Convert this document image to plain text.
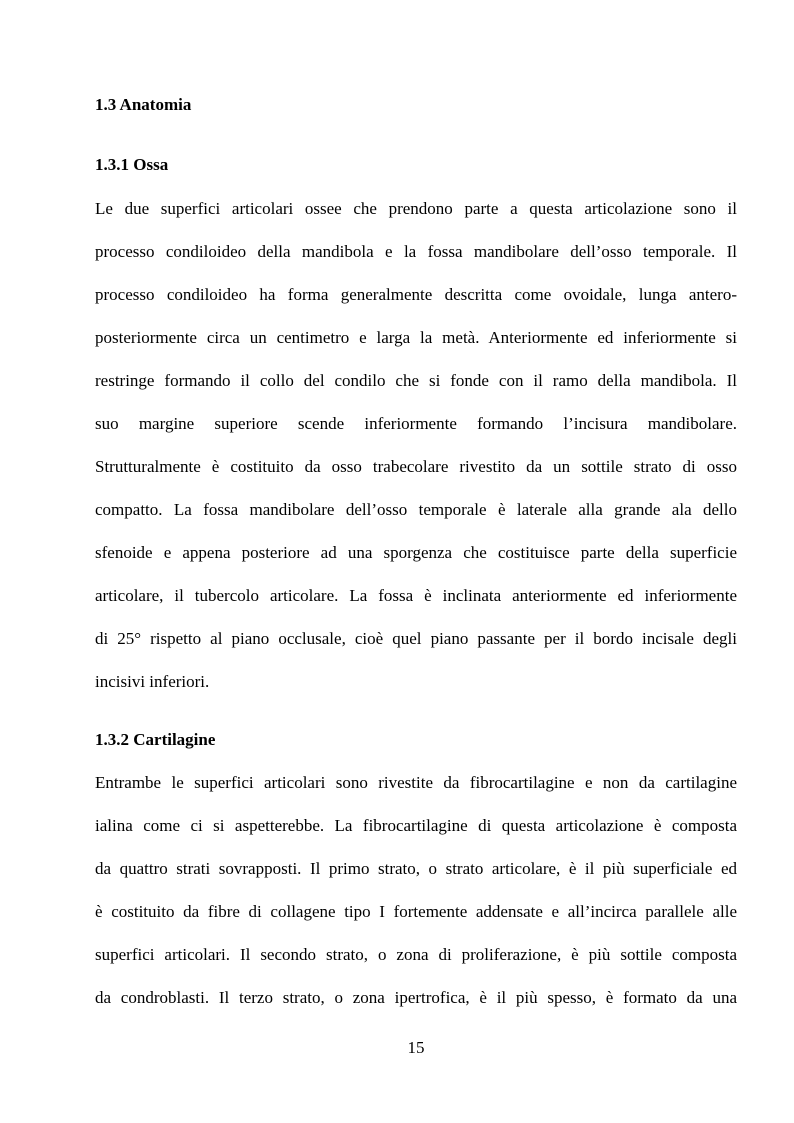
1.3 Anatomia
1.3.1 Ossa
Le due superfici articolari ossee che prendono parte a questa articolazione sono il
processo condiloideo della mandibola e la fossa mandibolare dell’osso temporale. Il
processo condiloideo ha forma generalmente descritta come ovoidale, lunga antero-
posteriormente circa un centimetro e larga la metà. Anteriormente ed inferiormente si
restringe formando il collo del condilo che si fonde con il ramo della mandibola. Il
suo margine superiore scende inferiormente formando l’incisura mandibolare.
Strutturalmente è costituito da osso trabecolare rivestito da un sottile strato di osso
compatto. La fossa mandibolare dell’osso temporale è laterale alla grande ala dello
sfenoide e appena posteriore ad una sporgenza che costituisce parte della superficie
articolare, il tubercolo articolare. La fossa è inclinata anteriormente ed inferiormente
di 25° rispetto al piano occlusale, cioè quel piano passante per il bordo incisale degli
incisivi inferiori.
1.3.2 Cartilagine
Entrambe le superfici articolari sono rivestite da fibrocartilagine e non da cartilagine
ialina come ci si aspetterebbe. La fibrocartilagine di questa articolazione è composta
da quattro strati sovrapposti. Il primo strato, o strato articolare, è il più superficiale ed
è costituito da fibre di collagene tipo I fortemente addensate e all’incirca parallele alle
superfici articolari. Il secondo strato, o zona di proliferazione, è più sottile composta
da condroblasti. Il terzo strato, o zona ipertrofica, è il più spesso, è formato da una
15
